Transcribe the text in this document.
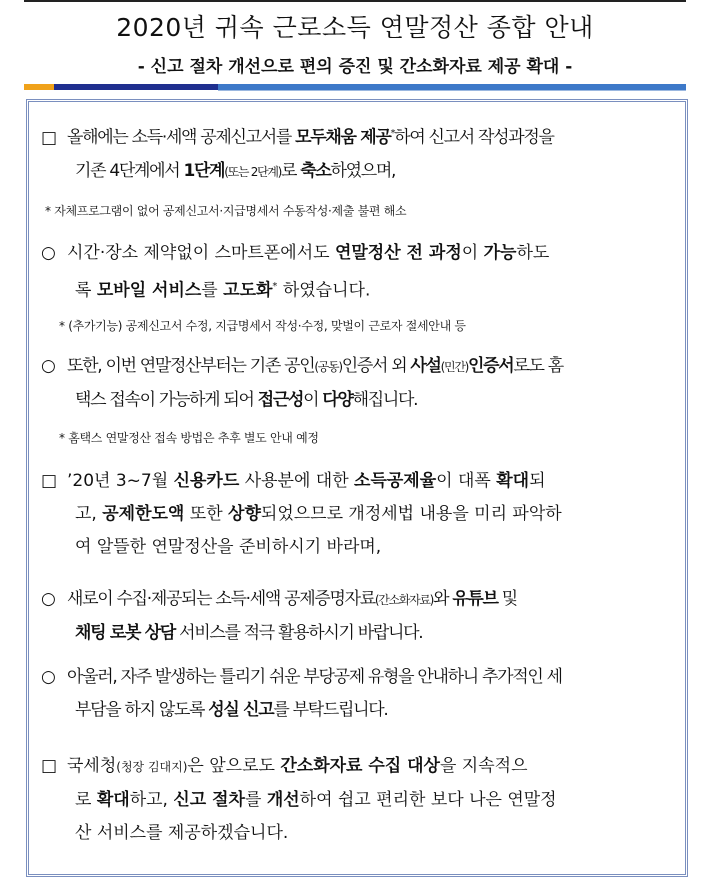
2020년 귀속 근로소득 연말정산 종합 안내
- 신고 절차 개선으로 편의 증진 및 간소화자료 제공 확대 -
□ 올해에는 소득·세액 공제신고서를 모두채움 제공*하여 신고서 작성과정을
기존 4단계에서 1단계(또는 2단계)로 축소하였으며,
* 자체프로그램이 없어 공제신고서·지급명세서 수동작성·제출 불편 해소
○ 시간·장소 제약없이 스마트폰에서도 연말정산 전 과정이 가능하도
록 모바일 서비스를 고도화* 하였습니다.
* (추가기능) 공제신고서 수정, 지급명세서 작성·수정, 맞벌이 근로자 절세안내 등
○ 또한, 이번 연말정산부터는 기존 공인(공동)인증서 외 사설(민간)인증서로도 홈
택스 접속이 가능하게 되어 접근성이 다양해집니다.
* 홈택스 연말정산 접속 방법은 추후 별도 안내 예정
□ ’20년 3~7월 신용카드 사용분에 대한 소득공제율이 대폭 확대되
고, 공제한도액 또한 상향되었으므로 개정세법 내용을 미리 파악하
여 알뜰한 연말정산을 준비하시기 바라며,
○ 새로이 수집·제공되는 소득·세액 공제증명자료(간소화자료)와 유튜브 및
채팅 로봇 상담 서비스를 적극 활용하시기 바랍니다.
○ 아울러, 자주 발생하는 틀리기 쉬운 부당공제 유형을 안내하니 추가적인 세
부담을 하지 않도록 성실 신고를 부탁드립니다.
□ 국세청(청장 김대지)은 앞으로도 간소화자료 수집 대상을 지속적으
로 확대하고, 신고 절차를 개선하여 쉽고 편리한 보다 나은 연말정
산 서비스를 제공하겠습니다.
